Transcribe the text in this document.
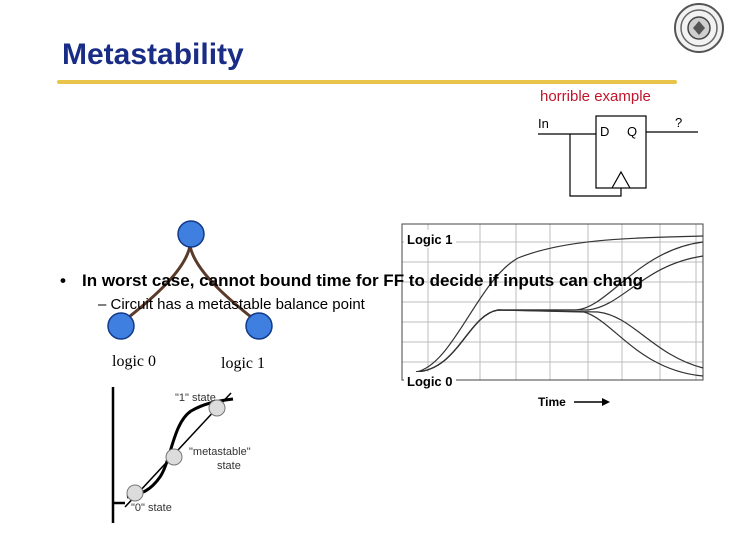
Metastability
horrible example
In
D Q
?
Logic 1
Logic 0
Time
logic 0	logic 1
• In worst case, cannot bound time for FF to decide if inputs can chang
– Circuit has a metastable balance point
"1" state
"metastable"
state
"0" state
